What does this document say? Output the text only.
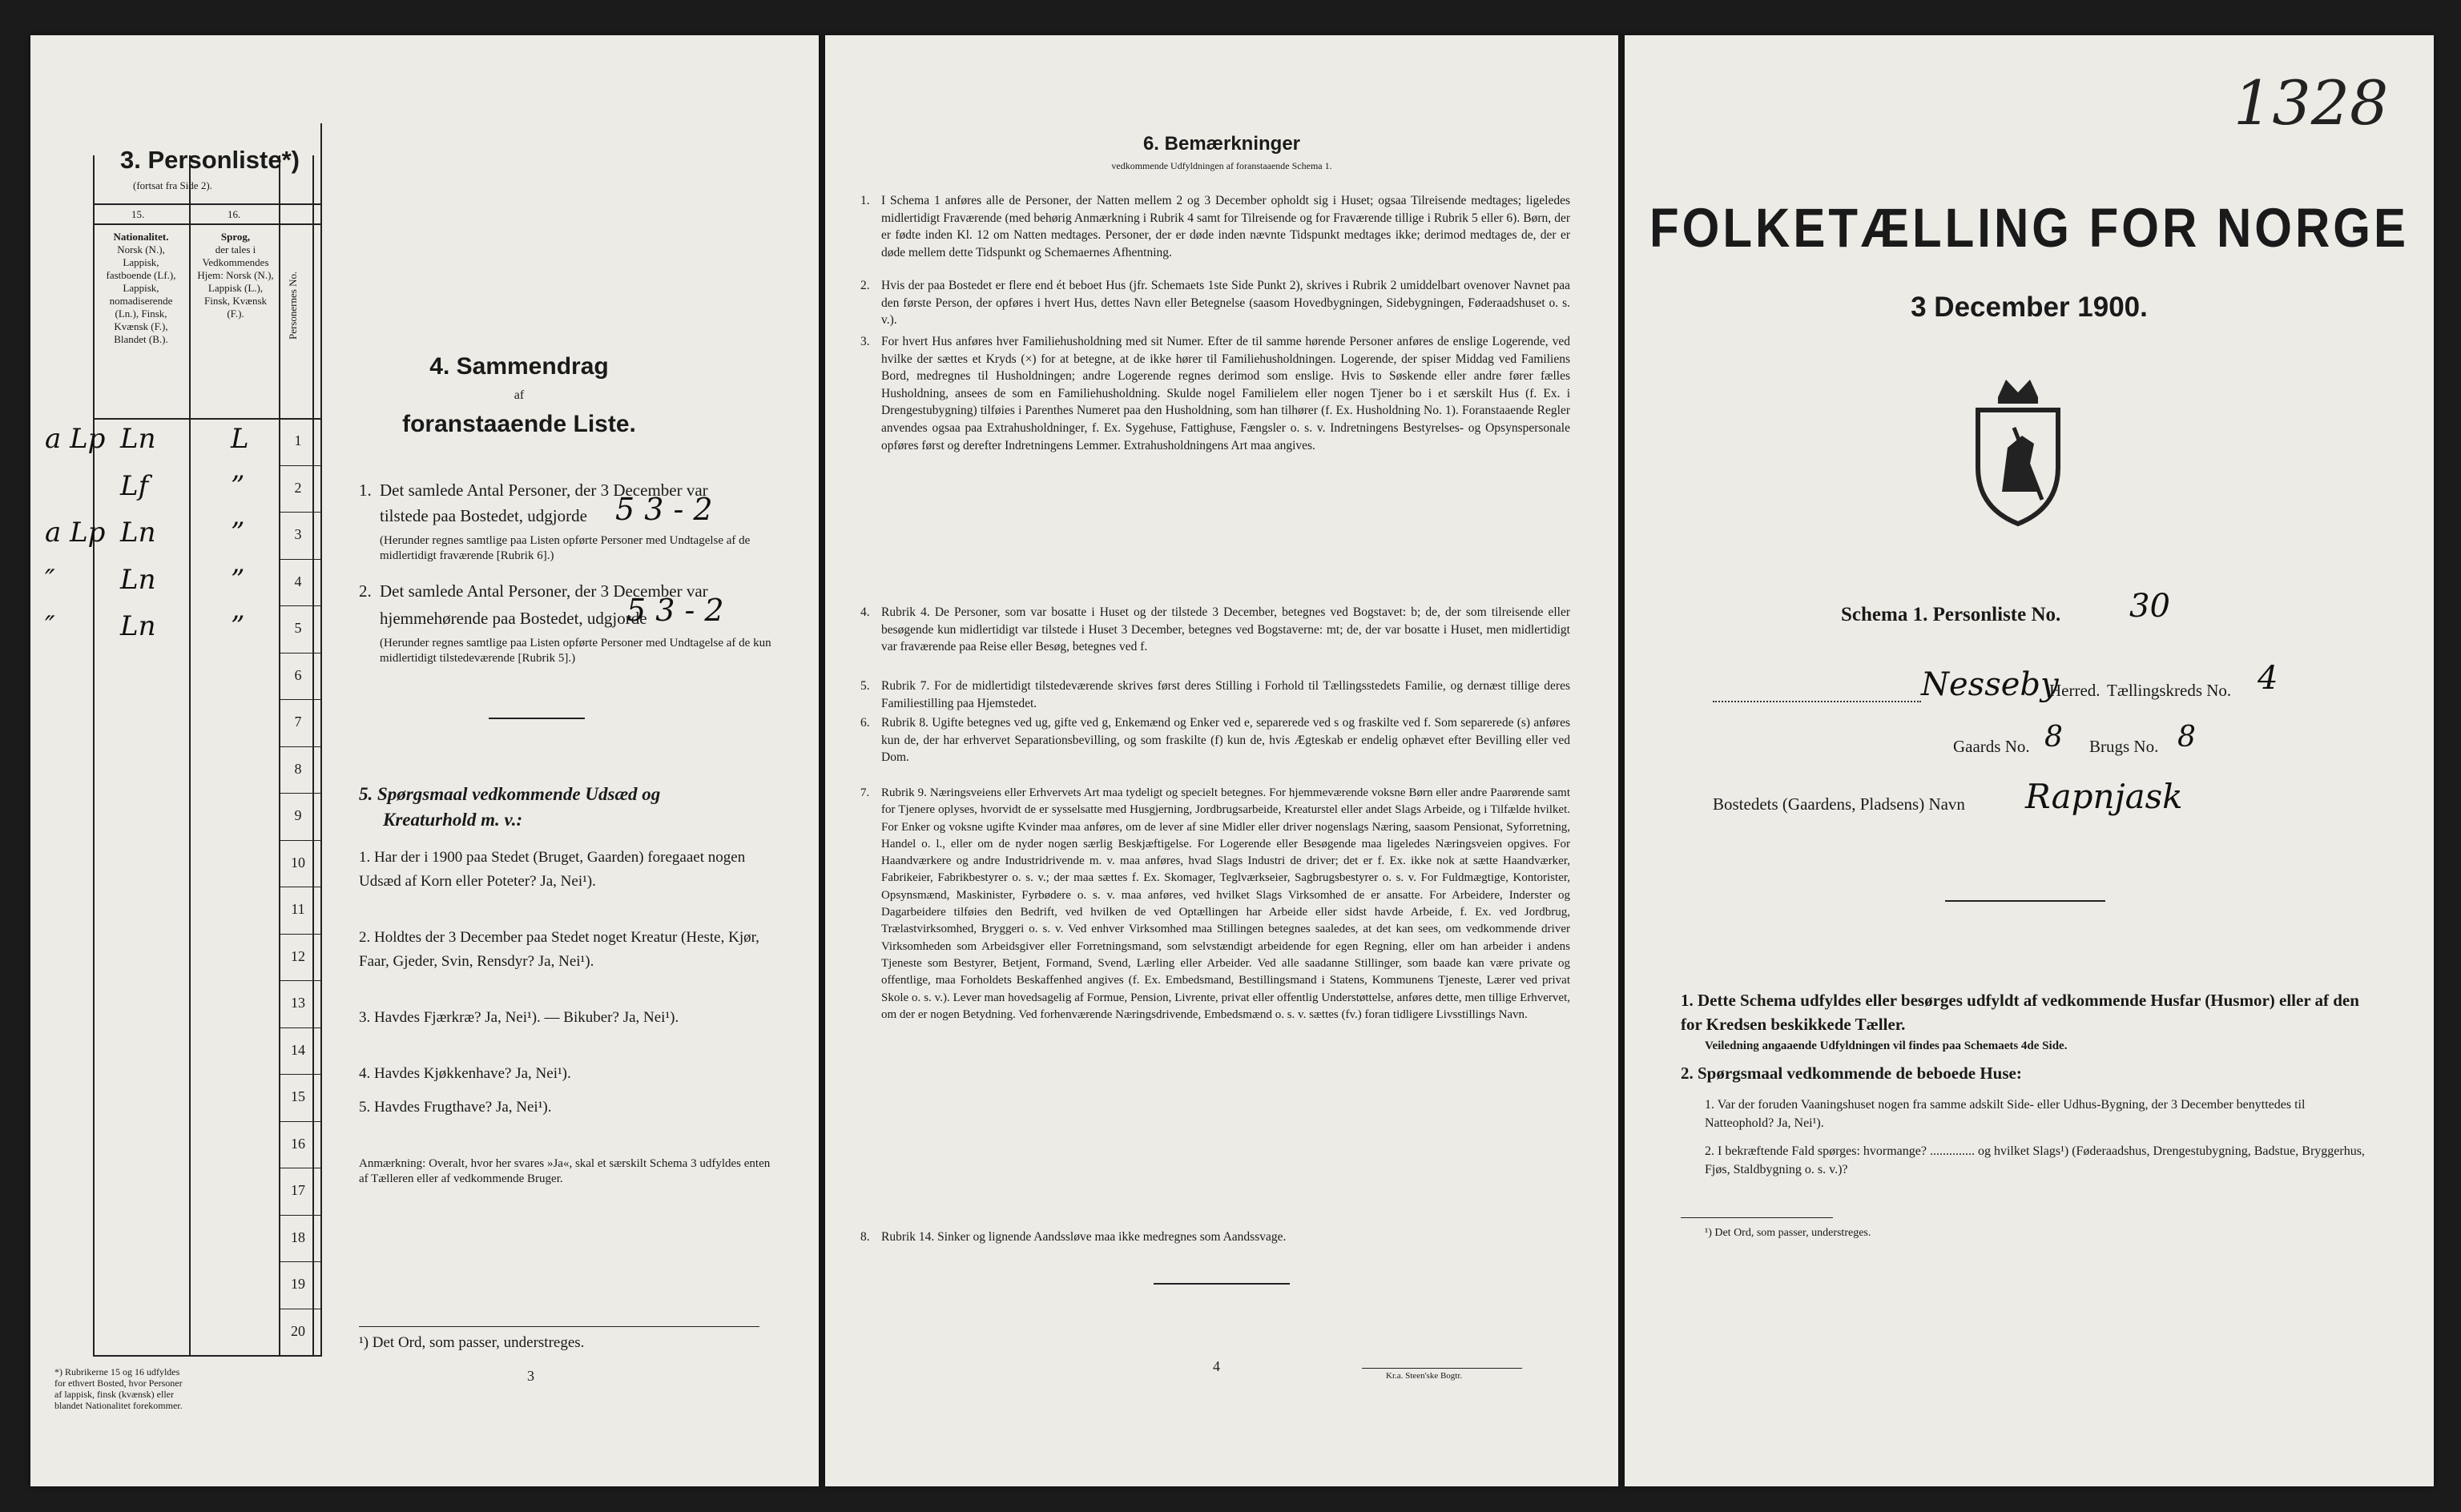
3. Personliste*)
(fortsat fra Side 2).
15.	16.
Nationalitet.
Norsk (N.), Lappisk, fastboende (Lf.), Lappisk, nomadiserende (Ln.), Finsk, Kvænsk (F.), Blandet (B.).
Sprog,
der tales i Vedkommendes Hjem: Norsk (N.), Lappisk (L.), Finsk, Kvænsk (F.).	Personernes No.
1
2
3
4
5
6
7
8
9
10
11
12
13
14
15
16
17
18
19
20
a Lp
a Lp
″
″
Ln
Lf
Ln
Ln
Ln
L
”
”
”
”
*) Rubrikerne 15 og 16 udfyldes for ethvert Bosted, hvor Personer af lappisk, finsk (kvænsk) eller blandet Nationalitet forekommer.
4. Sammendrag
af
foranstaaende Liste.
1. Det samlede Antal Personer, der 3 December var
tilstede paa Bostedet, udgjorde 5 3 - 2
(Herunder regnes samtlige paa Listen opførte Personer med Undtagelse af de midlertidigt fraværende [Rubrik 6].)
2. Det samlede Antal Personer, der 3 December var
hjemmehørende paa Bostedet, udgjorde
5 3 - 2
(Herunder regnes samtlige paa Listen opførte Personer med Undtagelse af de kun midlertidigt tilstedeværende [Rubrik 5].)
5. Spørgsmaal vedkommende Udsæd og
Kreaturhold m. v.:
1. Har der i 1900 paa Stedet (Bruget, Gaarden) foregaaet nogen Udsæd af Korn eller Poteter? Ja, Nei¹).
2. Holdtes der 3 December paa Stedet noget Kreatur (Heste, Kjør, Faar, Gjeder, Svin, Rensdyr? Ja, Nei¹).
3. Havdes Fjærkræ? Ja, Nei¹). — Bikuber? Ja, Nei¹).
4. Havdes Kjøkkenhave? Ja, Nei¹).
5. Havdes Frugthave? Ja, Nei¹).
Anmærkning: Overalt, hvor her svares »Ja«, skal et særskilt Schema 3 udfyldes enten af Tælleren eller af vedkommende Bruger.
¹) Det Ord, som passer, understreges.
3
6. Bemærkninger
vedkommende Udfyldningen af foranstaaende Schema 1.
1. I Schema 1 anføres alle de Personer, der Natten mellem 2 og 3 December opholdt sig i Huset; ogsaa Tilreisende medtages; ligeledes midlertidigt Fraværende (med behørig Anmærkning i Rubrik 4 samt for Tilreisende og for Fraværende tillige i Rubrik 5 eller 6). Børn, der er fødte inden Kl. 12 om Natten medtages. Personer, der er døde inden nævnte Tidspunkt medtages ikke; derimod medtages de, der er døde mellem dette Tidspunkt og Schemaernes Afhentning.
2. Hvis der paa Bostedet er flere end ét beboet Hus (jfr. Schemaets 1ste Side Punkt 2), skrives i Rubrik 2 umiddelbart ovenover Navnet paa den første Person, der opføres i hvert Hus, dettes Navn eller Betegnelse (saasom Hovedbygningen, Sidebygningen, Føderaadshuset o. s. v.).
3. For hvert Hus anføres hver Familiehusholdning med sit Numer. Efter de til samme hørende Personer anføres de enslige Logerende, ved hvilke der sættes et Kryds (×) for at betegne, at de ikke hører til Familiehusholdningen. Logerende, der spiser Middag ved Familiens Bord, medregnes til Husholdningen; andre Logerende regnes derimod som enslige. Hvis to Søskende eller andre fører fælles Husholdning, ansees de som en Familiehusholdning. Skulde nogel Familielem eller nogen Tjener bo i et særskilt Hus (f. Ex. i Drengestubygning) tilføies i Parenthes Numeret paa den Husholdning, som han tilhører (f. Ex. Husholdning No. 1). Foranstaaende Regler anvendes ogsaa paa Extrahusholdninger, f. Ex. Sygehuse, Fattighuse, Fængsler o. s. v. Indretningens Bestyrelses- og Opsynspersonale opføres først og derefter Indretningens Lemmer. Extrahusholdningens Art maa angives.
4. Rubrik 4. De Personer, som var bosatte i Huset og der tilstede 3 December, betegnes ved Bogstavet: b; de, der som tilreisende eller besøgende kun midlertidigt var tilstede i Huset 3 December, betegnes ved Bogstaverne: mt; de, der var bosatte i Huset, men midlertidigt var fraværende paa Reise eller Besøg, betegnes ved f.
5. Rubrik 7. For de midlertidigt tilstedeværende skrives først deres Stilling i Forhold til Tællingsstedets Familie, og dernæst tillige deres Familiestilling paa Hjemstedet.
6. Rubrik 8. Ugifte betegnes ved ug, gifte ved g, Enkemænd og Enker ved e, separerede ved s og fraskilte ved f. Som separerede (s) anføres kun de, der har erhvervet Separationsbevilling, og som fraskilte (f) kun de, hvis Ægteskab er endelig ophævet efter Bevilling eller ved Dom.
7. Rubrik 9. Næringsveiens eller Erhvervets Art maa tydeligt og specielt betegnes. For hjemmeværende voksne Børn eller andre Paarørende samt for Tjenere oplyses, hvorvidt de er sysselsatte med Husgjerning, Jordbrugsarbeide, Kreaturstel eller andet Slags Arbeide, og i Tilfælde hvilket. For Enker og voksne ugifte Kvinder maa anføres, om de lever af sine Midler eller driver nogenslags Næring, saasom Pensionat, Syforretning, Handel o. l., eller om de nyder nogen særlig Beskjæftigelse. For Logerende eller Besøgende maa ligeledes Næringsveien opgives. For Haandværkere og andre Industridrivende m. v. maa anføres, hvad Slags Industri de driver; det er f. Ex. ikke nok at sætte Haandværker, Fabrikeier, Fabrikbestyrer o. s. v.; der maa sættes f. Ex. Skomager, Teglværkseier, Sagbrugsbestyrer o. s. v. For Fuldmægtige, Kontorister, Opsynsmænd, Maskinister, Fyrbødere o. s. v. maa anføres, ved hvilket Slags Virksomhed de er ansatte. For Arbeidere, Inderster og Dagarbeidere tilføies den Bedrift, ved hvilken de ved Optællingen har Arbeide eller sidst havde Arbeide, f. Ex. ved Jordbrug, Trælastvirksomhed, Bryggeri o. s. v. Ved enhver Virksomhed maa Stillingen betegnes saaledes, at det kan sees, om vedkommende driver Virksomheden som Arbeidsgiver eller Forretningsmand, som selvstændigt arbeidende for egen Regning, eller om han arbeider i andens Tjeneste som Bestyrer, Betjent, Formand, Svend, Lærling eller Arbeider. Ved alle saadanne Stillinger, som baade kan være private og offentlige, maa Forholdets Beskaffenhed angives (f. Ex. Embedsmand, Bestillingsmand i Statens, Kommunens Tjeneste, Lærer ved privat Skole o. s. v.). Lever man hovedsagelig af Formue, Pension, Livrente, privat eller offentlig Understøttelse, anføres dette, men tillige Erhvervet, om der er nogen Betydning. Ved forhenværende Næringsdrivende, Embedsmænd o. s. v. sættes (fv.) foran tidligere Livsstillings Navn.
8. Rubrik 14. Sinker og lignende Aandssløve maa ikke medregnes som Aandssvage.
4
Kr.a. Steen'ske Bogtr.
1328
FOLKETÆLLING FOR NORGE
3 December 1900.
Schema 1. Personliste No. 30
Nesseby
Herred. Tællingskreds No. 4
Gaards No. 8 Brugs No. 8
Bostedets (Gaardens, Pladsens) Navn Rapnjask
1. Dette Schema udfyldes eller besørges udfyldt af vedkommende Husfar (Husmor) eller af den for Kredsen beskikkede Tæller.
Veiledning angaaende Udfyldningen vil findes paa Schemaets 4de Side.
2. Spørgsmaal vedkommende de beboede Huse:
1. Var der foruden Vaaningshuset nogen fra samme adskilt Side- eller Udhus-Bygning, der 3 December benyttedes til Natteophold? Ja, Nei¹).
2. I bekræftende Fald spørges: hvormange? .............. og hvilket Slags¹) (Føderaadshus, Drengestubygning, Badstue, Bryggerhus, Fjøs, Staldbygning o. s. v.)?
¹) Det Ord, som passer, understreges.
